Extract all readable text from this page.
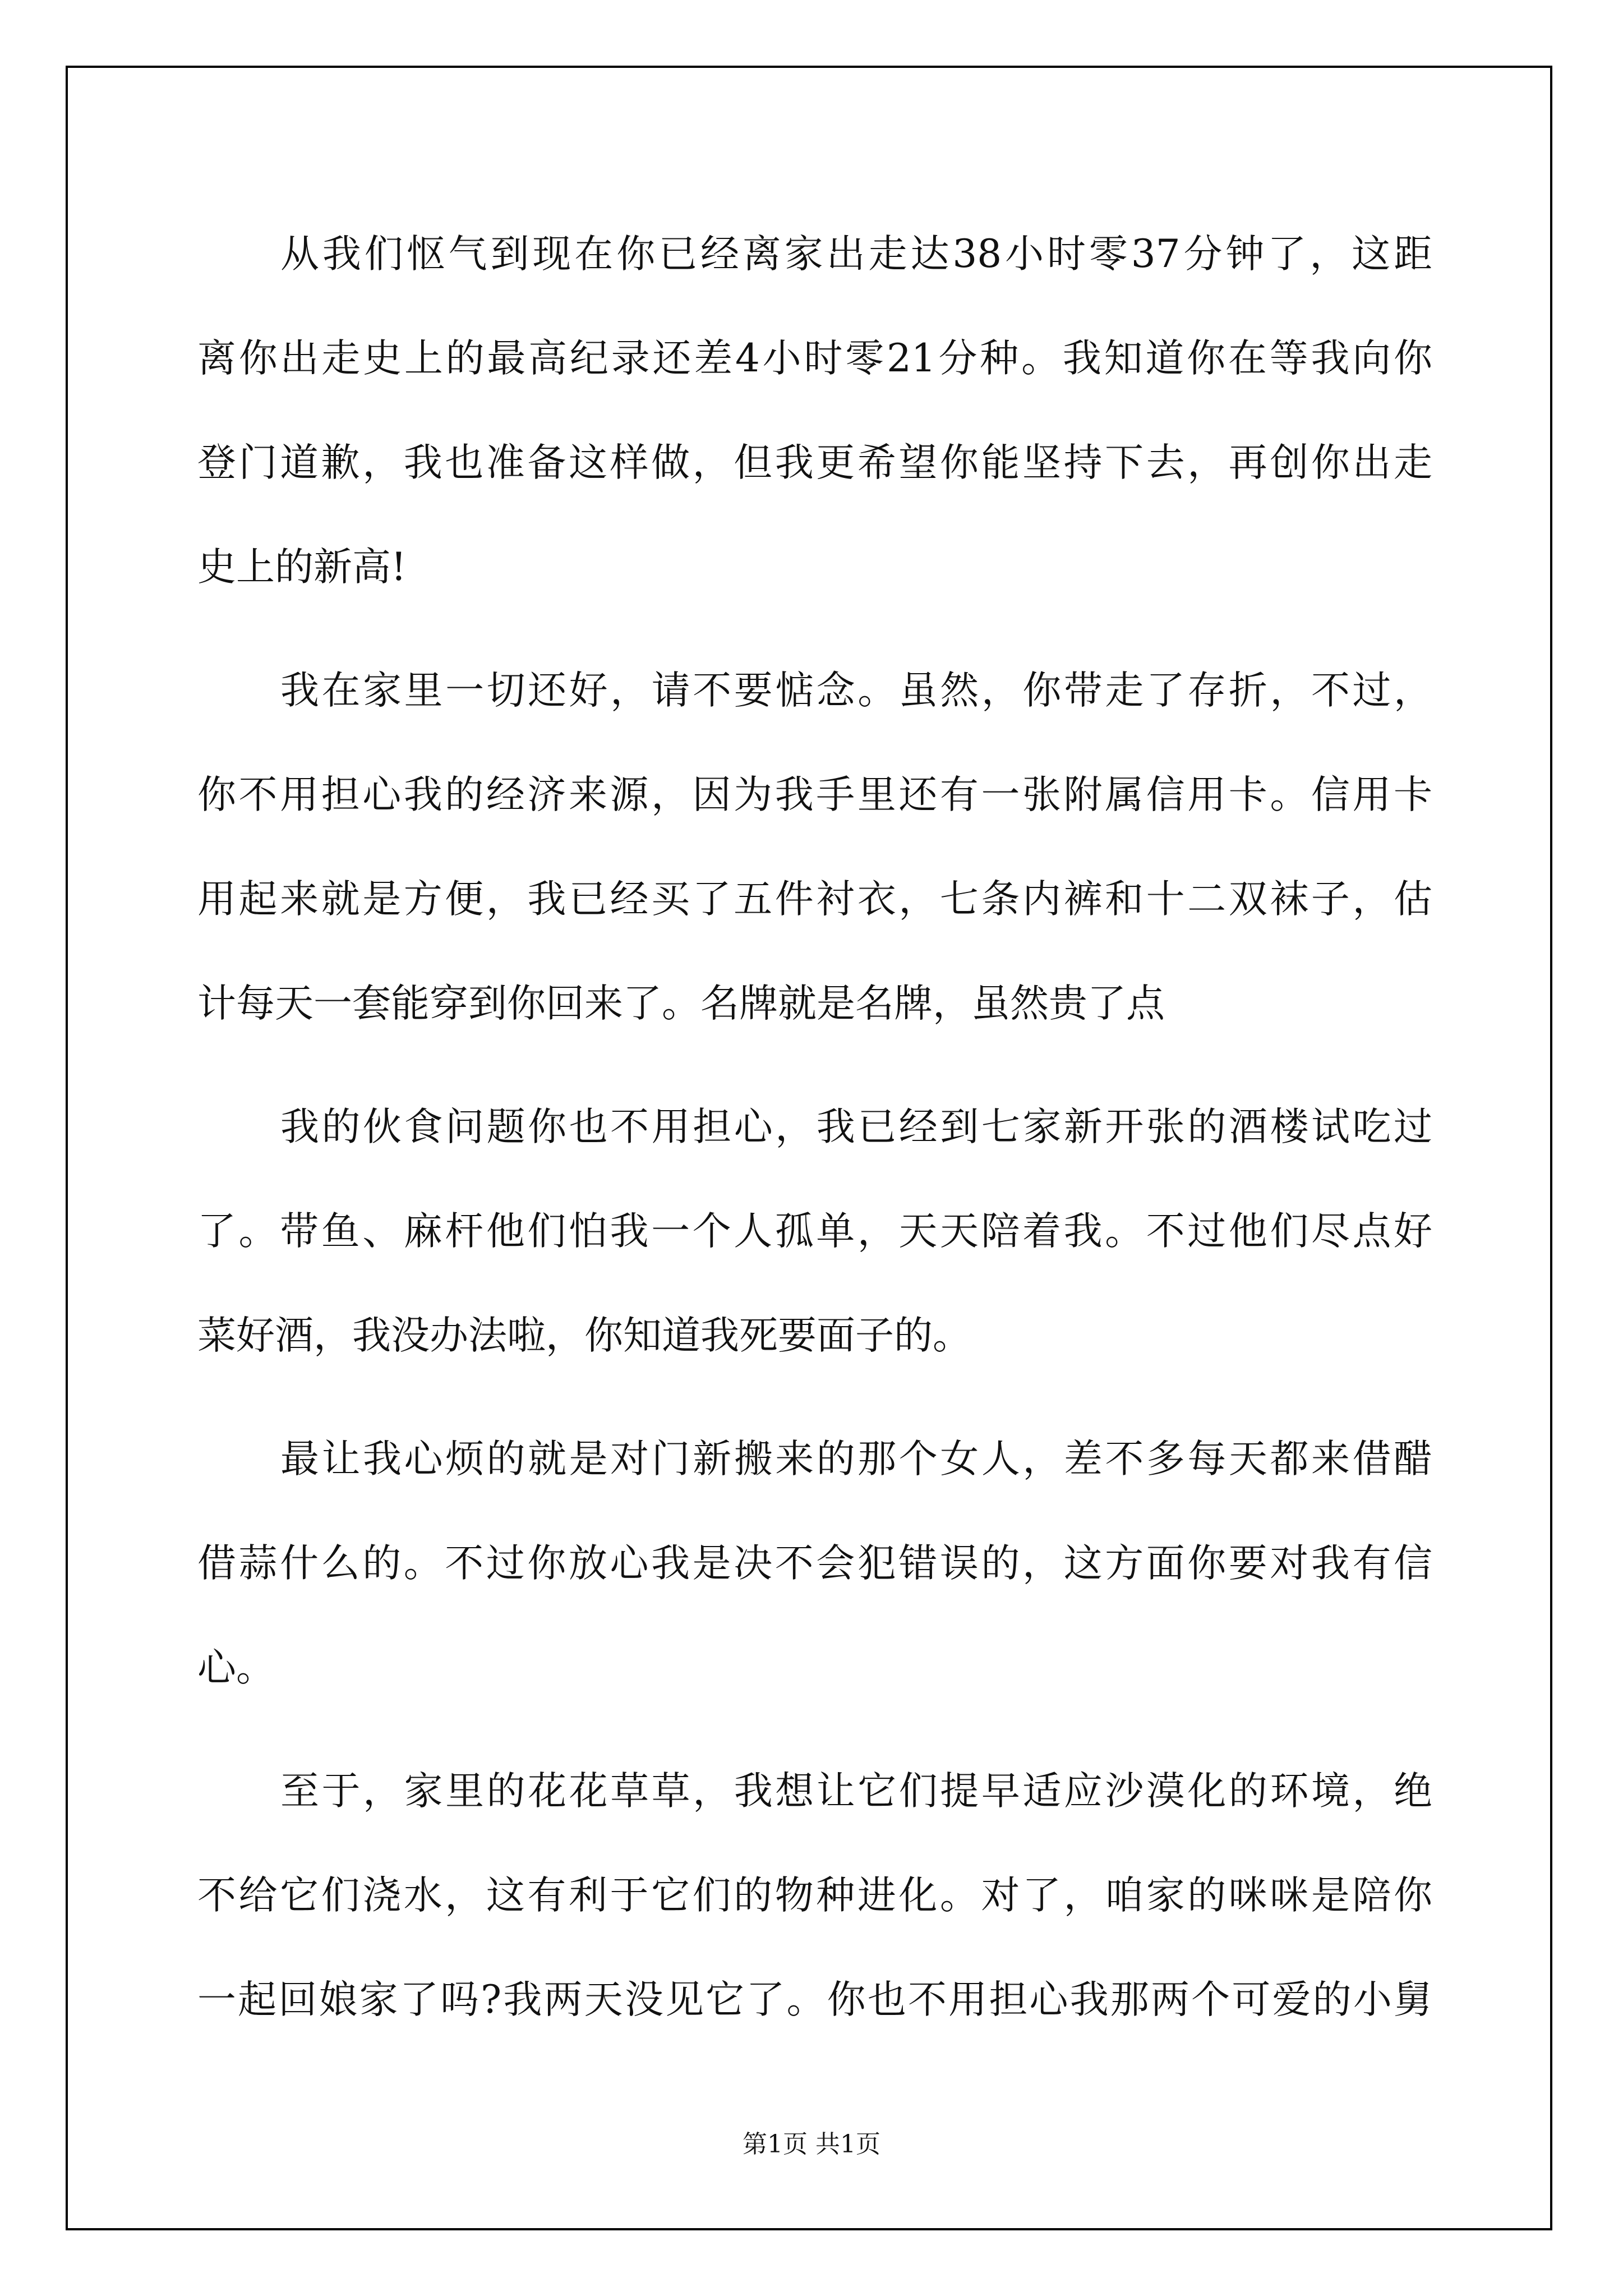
从我们怄气到现在你已经离家出走达38小时零37分钟了，这距
离你出走史上的最高纪录还差4小时零21分种。我知道你在等我向你
登门道歉，我也准备这样做，但我更希望你能坚持下去，再创你出走
史上的新高!
我在家里一切还好，请不要惦念。虽然，你带走了存折，不过，
你不用担心我的经济来源，因为我手里还有一张附属信用卡。信用卡
用起来就是方便，我已经买了五件衬衣，七条内裤和十二双袜子，估
计每天一套能穿到你回来了。名牌就是名牌，虽然贵了点
我的伙食问题你也不用担心，我已经到七家新开张的酒楼试吃过
了。带鱼、麻杆他们怕我一个人孤单，天天陪着我。不过他们尽点好
菜好酒，我没办法啦，你知道我死要面子的。
最让我心烦的就是对门新搬来的那个女人，差不多每天都来借醋
借蒜什么的。不过你放心我是决不会犯错误的，这方面你要对我有信
心。
至于，家里的花花草草，我想让它们提早适应沙漠化的环境，绝
不给它们浇水，这有利于它们的物种进化。对了，咱家的咪咪是陪你
一起回娘家了吗?我两天没见它了。你也不用担心我那两个可爱的小舅
第1页 共1页
